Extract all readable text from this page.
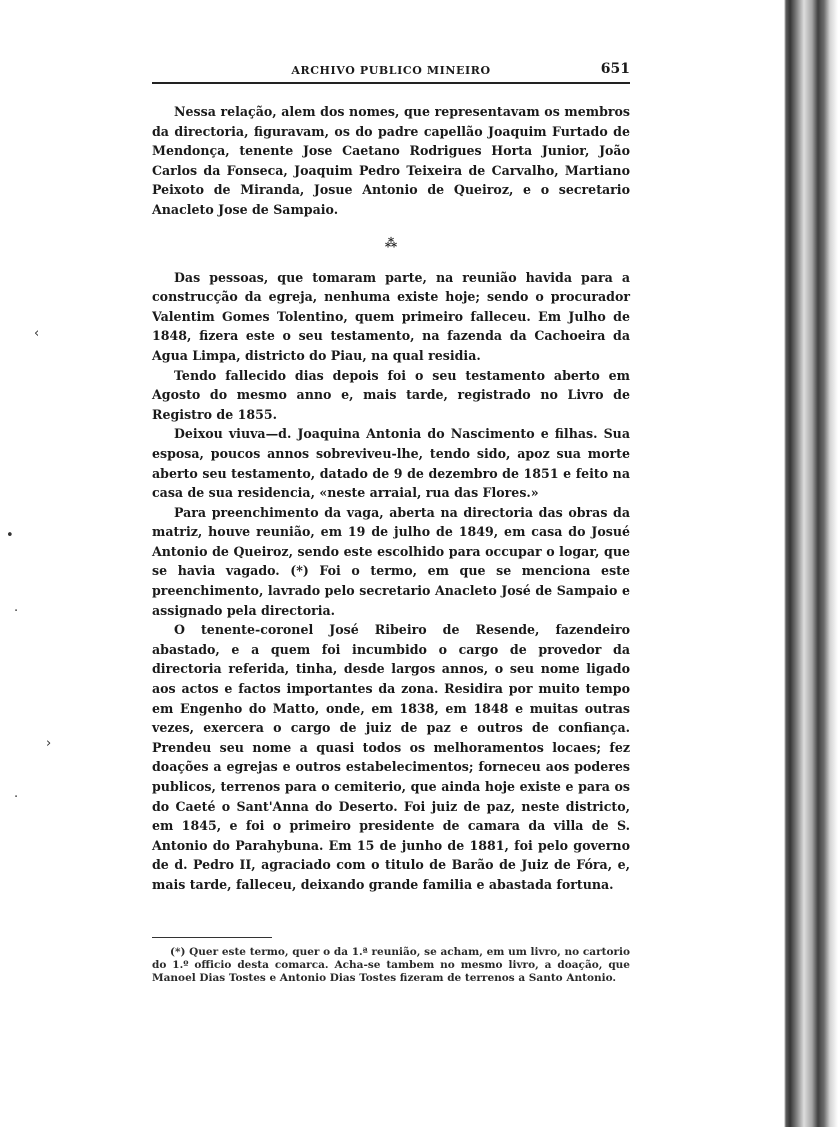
‹
•
›
·
·
ARCHIVO PUBLICO MINEIRO	651

Nessa relação, alem dos nomes, que representavam os membros da directoria, figuravam, os do padre capellão Joaquim Furtado de Mendonça, tenente Jose Caetano Rodrigues Horta Junior, João Carlos da Fonseca, Joaquim Pedro Teixeira de Carvalho, Martiano Peixoto de Miranda, Josue Antonio de Queiroz, e o secretario Anacleto Jose de Sampaio.

⁂

Das pessoas, que tomaram parte, na reunião havida para a construcção da egreja, nenhuma existe hoje; sendo o procurador Valentim Gomes Tolentino, quem primeiro falleceu. Em Julho de 1848, fizera este o seu testamento, na fazenda da Cachoeira da Agua Limpa, districto do Piau, na qual residia.

Tendo fallecido dias depois foi o seu testamento aberto em Agosto do mesmo anno e, mais tarde, registrado no Livro de Registro de 1855.

Deixou viuva—d. Joaquina Antonia do Nascimento e filhas. Sua esposa, poucos annos sobreviveu-lhe, tendo sido, apoz sua morte aberto seu testamento, datado de 9 de dezembro de 1851 e feito na casa de sua residencia, «neste arraial, rua das Flores.»

Para preenchimento da vaga, aberta na directoria das obras da matriz, houve reunião, em 19 de julho de 1849, em casa do Josué Antonio de Queiroz, sendo este escolhido para occupar o logar, que se havia vagado. (*) Foi o termo, em que se menciona este preenchimento, lavrado pelo secretario Anacleto José de Sampaio e assignado pela directoria.

O tenente-coronel José Ribeiro de Resende, fazendeiro abastado, e a quem foi incumbido o cargo de provedor da directoria referida, tinha, desde largos annos, o seu nome ligado aos actos e factos importantes da zona. Residira por muito tempo em Engenho do Matto, onde, em 1838, em 1848 e muitas outras vezes, exercera o cargo de juiz de paz e outros de confiança. Prendeu seu nome a quasi todos os melhoramentos locaes; fez doações a egrejas e outros estabelecimentos; forneceu aos poderes publicos, terrenos para o cemiterio, que ainda hoje existe e para os do Caeté o Sant'Anna do Deserto. Foi juiz de paz, neste districto, em 1845, e foi o primeiro presidente de camara da villa de S. Antonio do Parahybuna. Em 15 de junho de 1881, foi pelo governo de d. Pedro II, agraciado com o titulo de Barão de Juiz de Fóra, e, mais tarde, falleceu, deixando grande familia e abastada fortuna.

(*) Quer este termo, quer o da 1.ª reunião, se acham, em um livro, no cartorio do 1.º officio desta comarca. Acha-se tambem no mesmo livro, a doação, que Manoel Dias Tostes e Antonio Dias Tostes fizeram de terrenos a Santo Antonio.
